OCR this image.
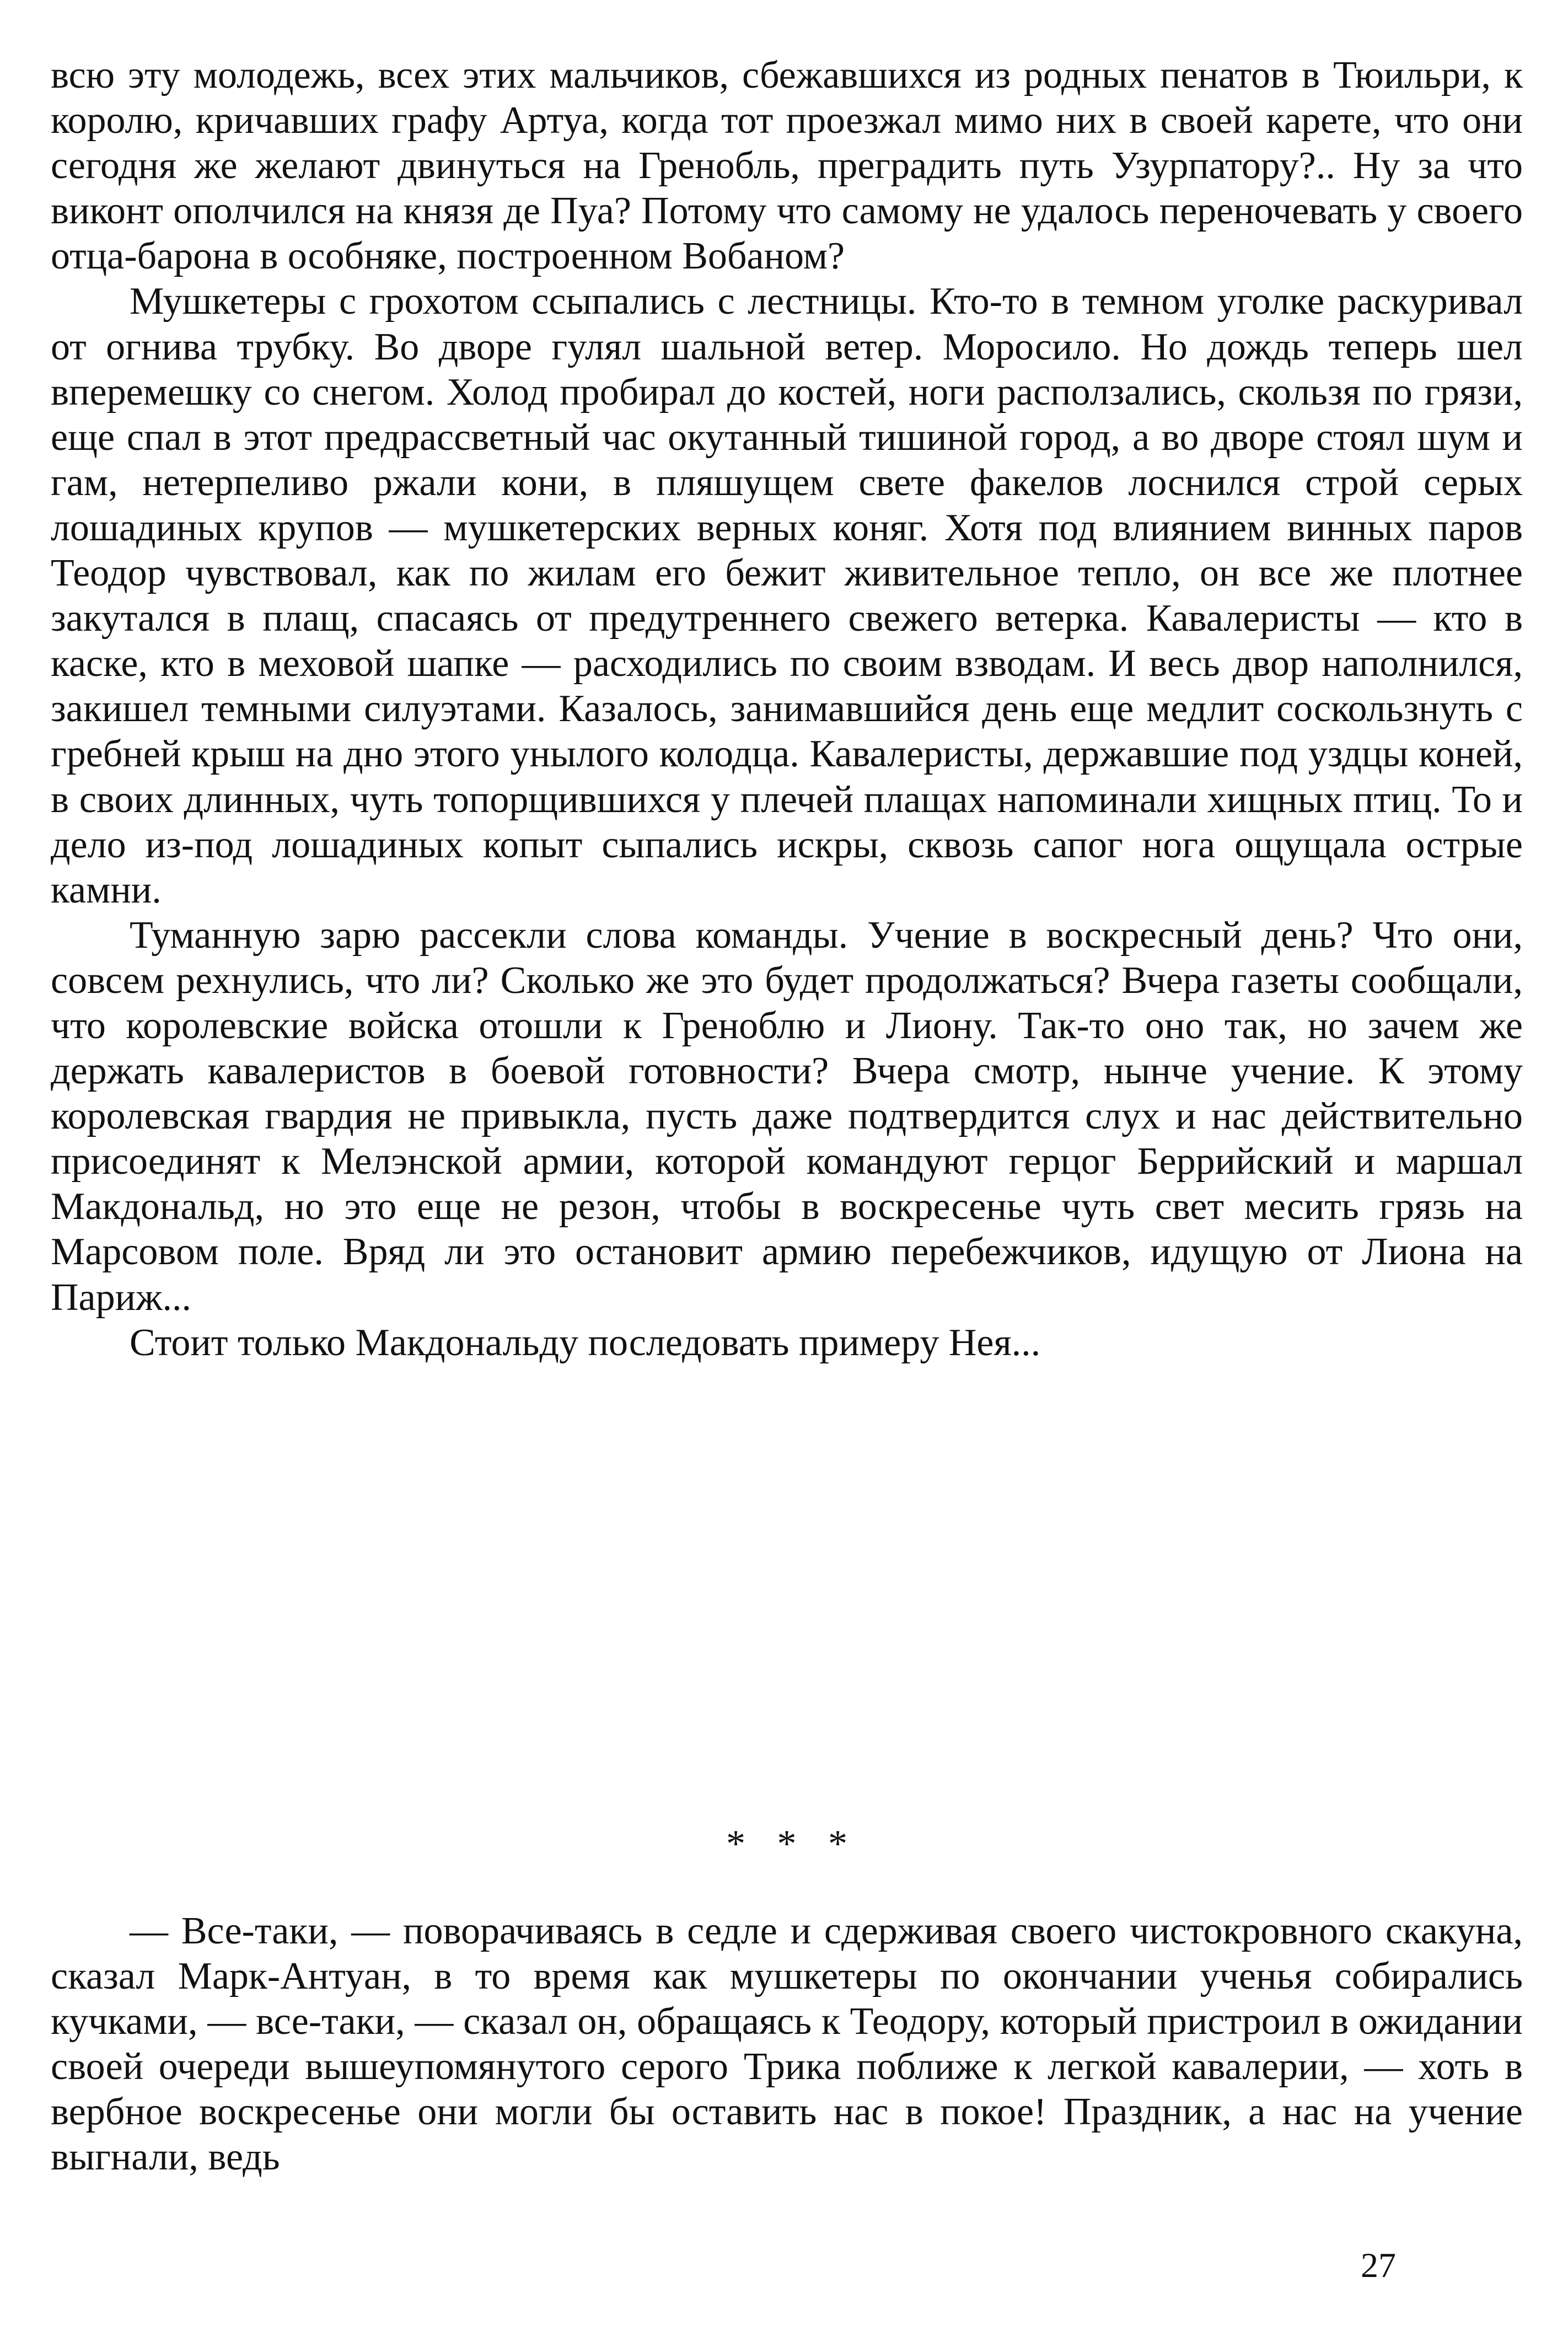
всю эту молодежь, всех этих мальчиков, сбежавшихся из родных пенатов в Тюильри, к королю, кричавших графу Артуа, когда тот проезжал мимо них в своей карете, что они сегодня же желают двинуться на Гренобль, преградить путь Узурпатору?.. Ну за что виконт ополчился на князя де Пуа? Потому что самому не удалось переночевать у своего отца-барона в особняке, построенном Вобаном?

Мушкетеры с грохотом ссыпались с лестницы. Кто-то в темном уголке раскуривал от огнива трубку. Во дворе гулял шальной ветер. Моросило. Но дождь теперь шел вперемешку со снегом. Холод пробирал до костей, ноги расползались, скользя по грязи, еще спал в этот предрассветный час окутанный тишиной город, а во дворе стоял шум и гам, нетерпеливо ржали кони, в пляшущем свете факелов лоснился строй серых лошадиных крупов — мушкетерских верных коняг. Хотя под влиянием винных паров Теодор чувствовал, как по жилам его бежит живительное тепло, он все же плотнее закутался в плащ, спасаясь от предутреннего свежего ветерка. Кавалеристы — кто в каске, кто в меховой шапке — расходились по своим взводам. И весь двор наполнился, закишел темными силуэтами. Казалось, занимавшийся день еще медлит соскользнуть с гребней крыш на дно этого унылого колодца. Кавалеристы, державшие под уздцы коней, в своих длинных, чуть топорщившихся у плечей плащах напоминали хищных птиц. То и дело из-под лошадиных копыт сыпались искры, сквозь сапог нога ощущала острые камни.

Туманную зарю рассекли слова команды. Учение в воскресный день? Что они, совсем рехнулись, что ли? Сколько же это будет продолжаться? Вчера газеты сообщали, что королевские войска отошли к Греноблю и Лиону. Так-то оно так, но зачем же держать кавалеристов в боевой готовности? Вчера смотр, нынче учение. К этому королевская гвардия не привыкла, пусть даже подтвердится слух и нас действительно присоединят к Мелэнской армии, которой командуют герцог Беррийский и маршал Макдональд, но это еще не резон, чтобы в воскресенье чуть свет месить грязь на Марсовом поле. Вряд ли это остановит армию перебежчиков, идущую от Лиона на Париж...

Стоит только Макдональду последовать примеру Нея...

* * *

— Все-таки, — поворачиваясь в седле и сдерживая своего чистокровного скакуна, сказал Марк-Антуан, в то время как мушкетеры по окончании ученья собирались кучками, — все-таки, — сказал он, обращаясь к Теодору, который пристроил в ожидании своей очереди вышеупомянутого серого Трика поближе к легкой кавалерии, — хоть в вербное воскресенье они могли бы оставить нас в покое! Праздник, а нас на учение выгнали, ведь

27
